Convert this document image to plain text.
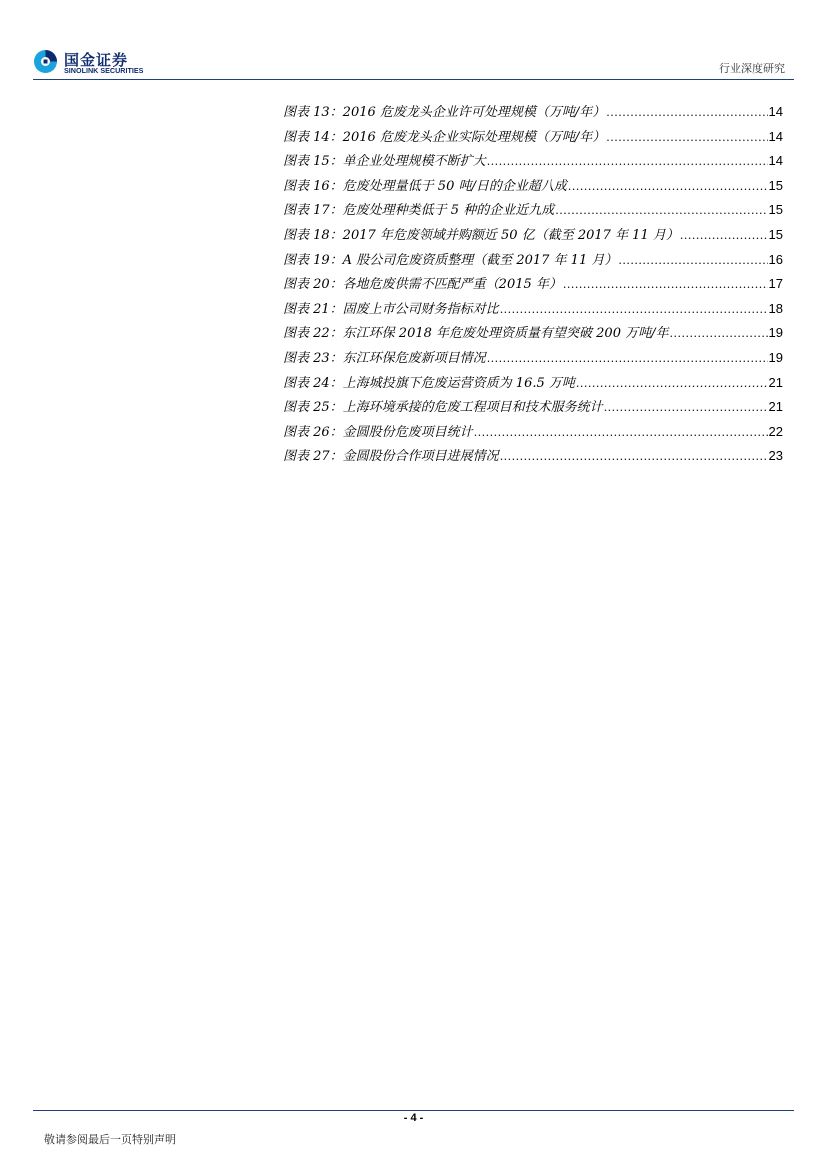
国金证券
SINOLINK SECURITIES	行业深度研究
图表 13：2016 危废龙头企业许可处理规模（万吨/年） .....	14
图表 14：2016 危废龙头企业实际处理规模（万吨/年） .....	14
图表 15：单企业处理规模不断扩大 .....	14
图表 16：危废处理量低于 50 吨/日的企业超八成 .....	15
图表 17：危废处理种类低于 5 种的企业近九成 .....	15
图表 18：2017 年危废领域并购额近 50 亿（截至 2017 年 11 月） .....	15
图表 19：A 股公司危废资质整理（截至 2017 年 11 月） .....	16
图表 20：各地危废供需不匹配严重（2015 年） .....	17
图表 21：固废上市公司财务指标对比 .....	18
图表 22：东江环保 2018 年危废处理资质量有望突破 200 万吨/年 .....	19
图表 23：东江环保危废新项目情况 .....	19
图表 24：上海城投旗下危废运营资质为 16.5 万吨 .....	21
图表 25：上海环境承接的危废工程项目和技术服务统计 .....	21
图表 26：金圆股份危废项目统计 .....	22
图表 27：金圆股份合作项目进展情况 .....	23
- 4 -
敬请参阅最后一页特别声明
